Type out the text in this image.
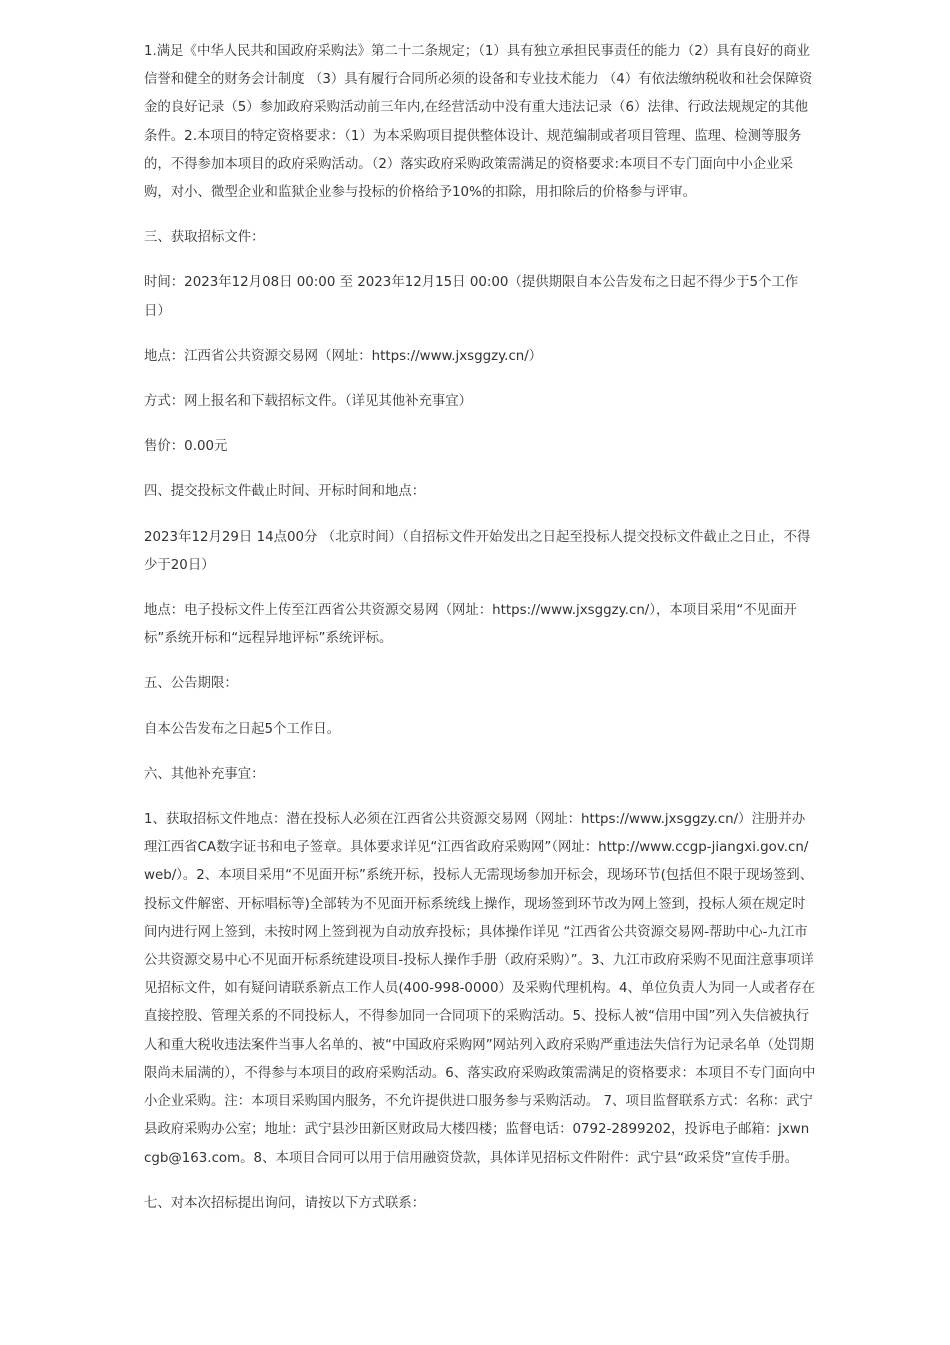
1.满足《中华人民共和国政府采购法》第二十二条规定；（1）具有独立承担民事责任的能力（2）具有良好的商业信誉和健全的财务会计制度 （3）具有履行合同所必须的设备和专业技术能力 （4）有依法缴纳税收和社会保障资金的良好记录（5）参加政府采购活动前三年内,在经营活动中没有重大违法记录（6）法律、行政法规规定的其他条件。2.本项目的特定资格要求：（1）为本采购项目提供整体设计、规范编制或者项目管理、监理、检测等服务的，不得参加本项目的政府采购活动。（2）落实政府采购政策需满足的资格要求:本项目不专门面向中小企业采购，对小、微型企业和监狱企业参与投标的价格给予10%的扣除，用扣除后的价格参与评审。

三、获取招标文件：

时间：2023年12月08日 00:00 至 2023年12月15日 00:00（提供期限自本公告发布之日起不得少于5个工作日）

地点：江西省公共资源交易网（网址：https://www.jxsggzy.cn/）

方式：网上报名和下载招标文件。（详见其他补充事宜）

售价：0.00元

四、提交投标文件截止时间、开标时间和地点：

2023年12月29日 14点00分 （北京时间）（自招标文件开始发出之日起至投标人提交投标文件截止之日止，不得少于20日）

地点：电子投标文件上传至江西省公共资源交易网（网址：https://www.jxsggzy.cn/），本项目采用“不见面开标”系统开标和“远程异地评标”系统评标。

五、公告期限：

自本公告发布之日起5个工作日。

六、其他补充事宜：

1、获取招标文件地点：潜在投标人必须在江西省公共资源交易网（网址：https://www.jxsggzy.cn/）注册并办理江西省CA数字证书和电子签章。具体要求详见“江西省政府采购网”（网址：http://www.ccgp-jiangxi.gov.cn/web/）。2、本项目采用“不见面开标”系统开标，投标人无需现场参加开标会，现场环节(包括但不限于现场签到、投标文件解密、开标唱标等)全部转为不见面开标系统线上操作，现场签到环节改为网上签到，投标人须在规定时间内进行网上签到，未按时网上签到视为自动放弃投标；具体操作详见 “江西省公共资源交易网-帮助中心-九江市公共资源交易中心不见面开标系统建设项目-投标人操作手册（政府采购）”。3、九江市政府采购不见面注意事项详见招标文件，如有疑问请联系新点工作人员(400-998-0000）及采购代理机构。4、单位负责人为同一人或者存在直接控股、管理关系的不同投标人，不得参加同一合同项下的采购活动。5、投标人被“信用中国”列入失信被执行人和重大税收违法案件当事人名单的、被“中国政府采购网”网站列入政府采购严重违法失信行为记录名单（处罚期限尚未届满的），不得参与本项目的政府采购活动。6、落实政府采购政策需满足的资格要求：本项目不专门面向中小企业采购。注：本项目采购国内服务，不允许提供进口服务参与采购活动。 7、项目监督联系方式：名称：武宁县政府采购办公室；地址：武宁县沙田新区财政局大楼四楼；监督电话：0792-2899202，投诉电子邮箱：jxwncgb@163.com。8、本项目合同可以用于信用融资贷款，具体详见招标文件附件：武宁县“政采贷”宣传手册。

七、对本次招标提出询问，请按以下方式联系：
